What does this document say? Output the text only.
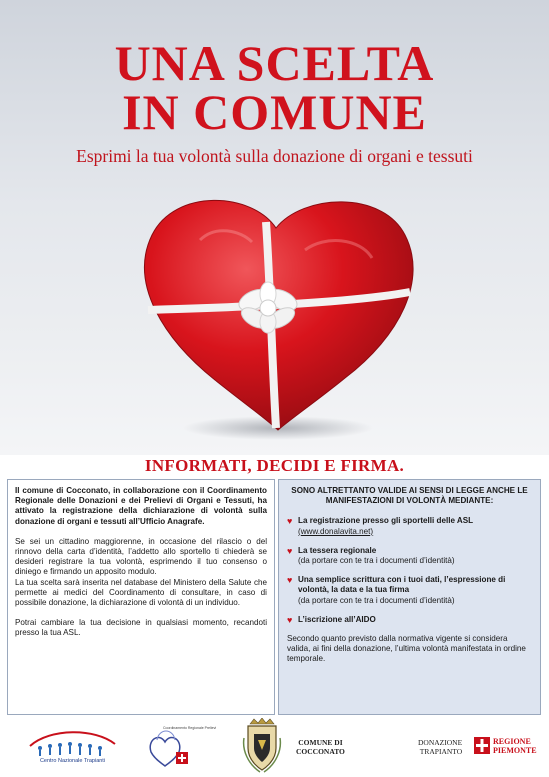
UNA SCELTA
IN COMUNE
Esprimi la tua volontà sulla donazione di organi e tessuti
INFORMATI, DECIDI E FIRMA.

Il comune di Cocconato, in collaborazione con il Coordinamento Regionale delle Donazioni e dei Prelievi di Organi e Tessuti, ha attivato la registrazione della dichiarazione di volontà sulla donazione di organi e tessuti all’Ufficio Anagrafe.

Se sei un cittadino maggiorenne, in occasione del rilascio o del rinnovo della carta d’identità, l’addetto allo sportello ti chiederà se desideri registrare la tua volontà, esprimendo il tuo consenso o diniego e firmando un apposito modulo.

La tua scelta sarà inserita nel database del Ministero della Salute che permette ai medici del Coordinamento di consultare, in caso di possibile donazione, la dichiarazione di volontà di un individuo.

Potrai cambiare la tua decisione in qualsiasi momento, recandoti presso la tua ASL.

SONO ALTRETTANTO VALIDE AI SENSI DI LEGGE ANCHE LE MANIFESTAZIONI DI VOLONTÀ MEDIANTE:
♥ La registrazione presso gli sportelli delle ASL
(www.donalavita.net)
♥ La tessera regionale
(da portare con te tra i documenti d’identità)
♥ Una semplice scrittura con i tuoi dati, l’espressione di volontà, la data e la tua firma
(da portare con te tra i documenti d’identità)
♥ L’iscrizione all’AIDO
Secondo quanto previsto dalla normativa vigente si considera valida, ai fini della donazione, l’ultima volontà manifestata in ordine temporale.
Centro Nazionale Trapianti
Coordinamento Regionale Prelievi
COMUNE DI
COCCONATO
DONAZIONE
TRAPIANTO
REGIONE
PIEMONTE
